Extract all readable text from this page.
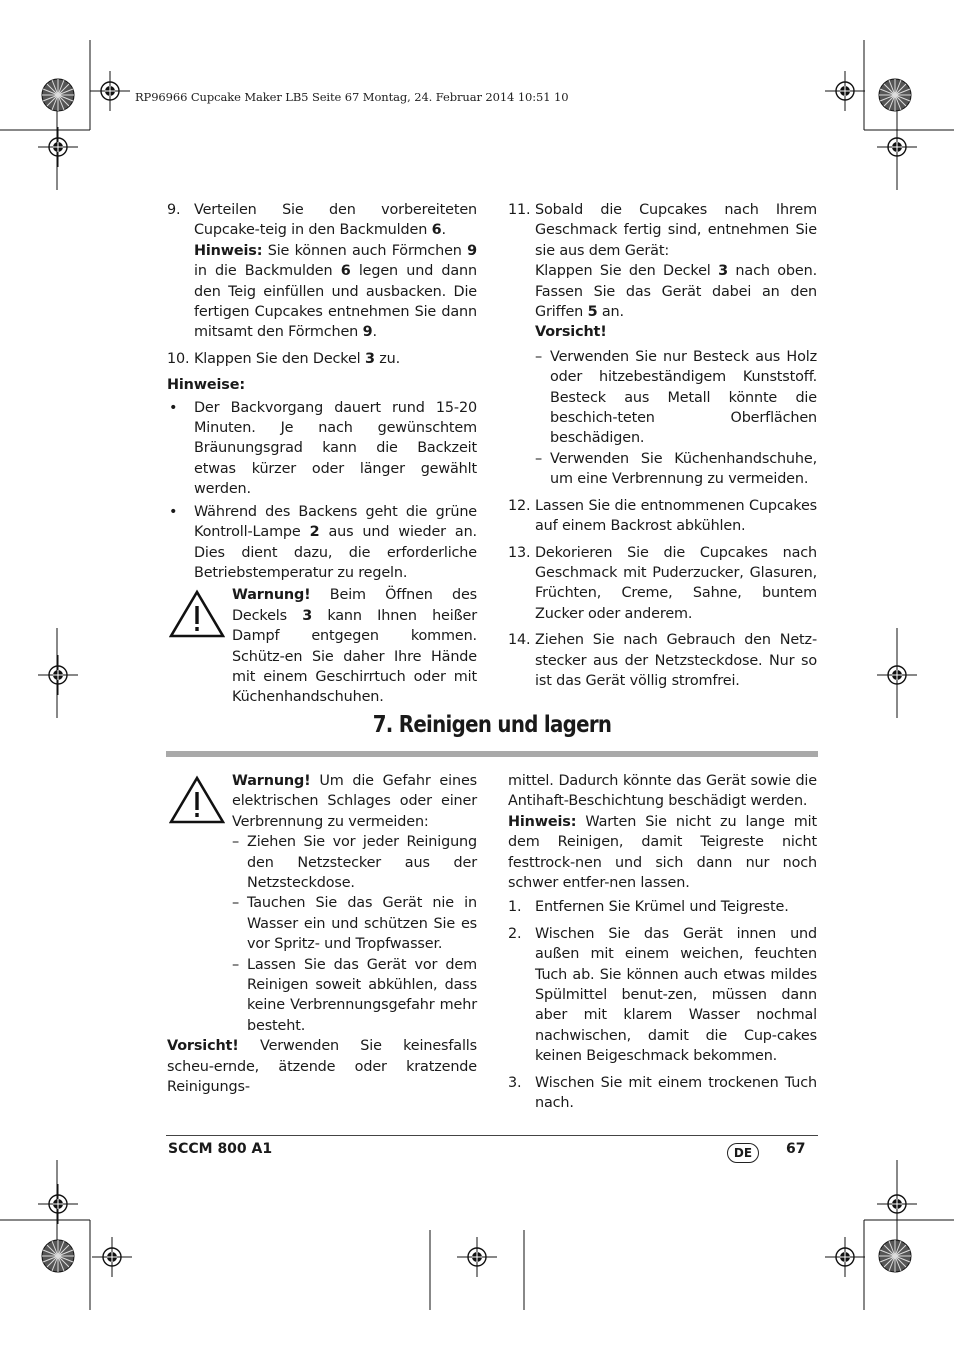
RP96966 Cupcake Maker LB5 Seite 67 Montag, 24. Februar 2014 10:51 10
9. Verteilen Sie den vorbereiteten Cupcake-teig in den Backmulden 6.

Hinweis: Sie können auch Förmchen 9 in die Backmulden 6 legen und dann den Teig einfüllen und ausbacken. Die fertigen Cupcakes entnehmen Sie dann mitsamt den Förmchen 9.

10. Klappen Sie den Deckel 3 zu.

Hinweise:

• Der Backvorgang dauert rund 15-20 Minuten. Je nach gewünschtem Bräunungsgrad kann die Backzeit etwas kürzer oder länger gewählt werden.

• Während des Backens geht die grüne Kontroll-Lampe 2 aus und wieder an. Dies dient dazu, die erforderliche Betriebstemperatur zu regeln.

Warnung! Beim Öffnen des Deckels 3 kann Ihnen heißer Dampf entgegen kommen. Schütz-en Sie daher Ihre Hände mit einem Geschirrtuch oder mit Küchenhandschuhen.

11. Sobald die Cupcakes nach Ihrem Geschmack fertig sind, entnehmen Sie sie aus dem Gerät:

Klappen Sie den Deckel 3 nach oben. Fassen Sie das Gerät dabei an den Griffen 5 an.

Vorsicht!

– Verwenden Sie nur Besteck aus Holz oder hitzebeständigem Kunststoff. Besteck aus Metall könnte die beschich-teten Oberflächen beschädigen.

– Verwenden Sie Küchenhandschuhe, um eine Verbrennung zu vermeiden.

12. Lassen Sie die entnommenen Cupcakes auf einem Backrost abkühlen.

13. Dekorieren Sie die Cupcakes nach Geschmack mit Puderzucker, Glasuren, Früchten, Creme, Sahne, buntem Zucker oder anderem.

14. Ziehen Sie nach Gebrauch den Netz-stecker aus der Netzsteckdose. Nur so ist das Gerät völlig stromfrei.

7. Reinigen und lagern

Warnung! Um die Gefahr eines elektrischen Schlages oder einer Verbrennung zu vermeiden:

– Ziehen Sie vor jeder Reinigung den Netzstecker aus der Netzsteckdose.

– Tauchen Sie das Gerät nie in Wasser ein und schützen Sie es vor Spritz- und Tropfwasser.

– Lassen Sie das Gerät vor dem Reinigen soweit abkühlen, dass keine Verbrennungsgefahr mehr besteht.

Vorsicht! Verwenden Sie keinesfalls scheu-ernde, ätzende oder kratzende Reinigungs-

mittel. Dadurch könnte das Gerät sowie die Antihaft-Beschichtung beschädigt werden.

Hinweis: Warten Sie nicht zu lange mit dem Reinigen, damit Teigreste nicht festtrock-nen und sich dann nur noch schwer entfer-nen lassen.

1. Entfernen Sie Krümel und Teigreste.

2. Wischen Sie das Gerät innen und außen mit einem weichen, feuchten Tuch ab. Sie können auch etwas mildes Spülmittel benut-zen, müssen dann aber mit klarem Wasser nochmal nachwischen, damit die Cup-cakes keinen Beigeschmack bekommen.

3. Wischen Sie mit einem trockenen Tuch nach.

SCCM 800 A1	DE	67
